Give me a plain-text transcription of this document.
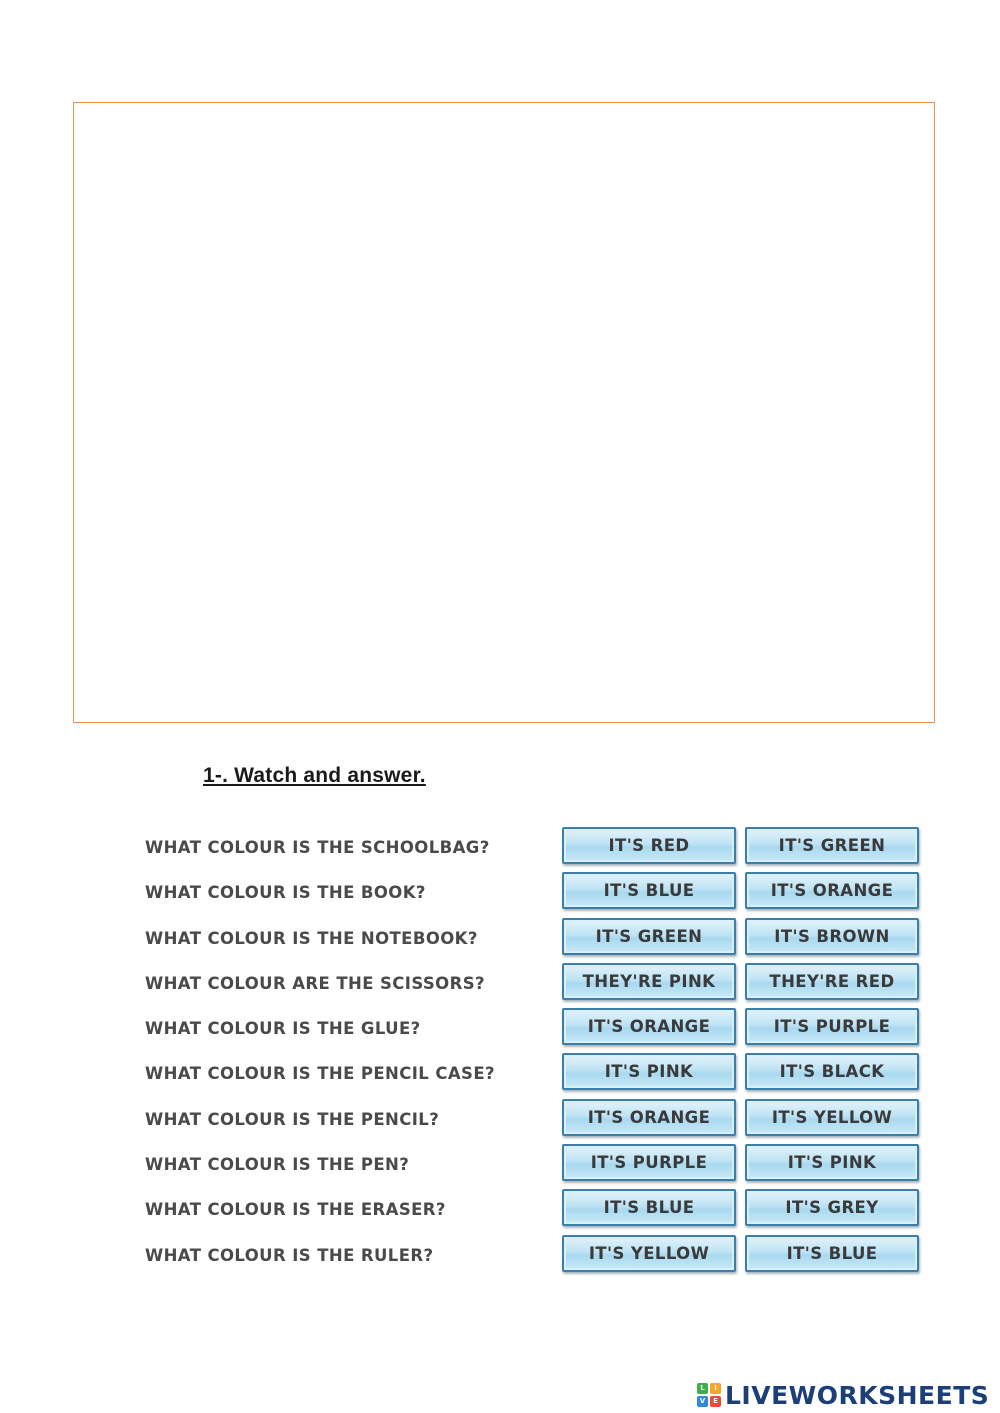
1-. Watch and answer.
WHAT COLOUR IS THE SCHOOLBAG?	IT'S RED	IT'S GREEN
WHAT COLOUR IS THE BOOK?	IT'S BLUE	IT'S ORANGE
WHAT COLOUR IS THE NOTEBOOK?	IT'S GREEN	IT'S BROWN
WHAT COLOUR ARE THE SCISSORS?	THEY'RE PINK	THEY'RE RED
WHAT COLOUR IS THE GLUE?	IT'S ORANGE	IT'S PURPLE
WHAT COLOUR IS THE PENCIL CASE?	IT'S PINK	IT'S BLACK
WHAT COLOUR IS THE PENCIL?	IT'S ORANGE	IT'S YELLOW
WHAT COLOUR IS THE PEN?	IT'S PURPLE	IT'S PINK
WHAT COLOUR IS THE ERASER?	IT'S BLUE	IT'S GREY
WHAT COLOUR IS THE RULER?	IT'S YELLOW	IT'S BLUE
L	I
V	E LIVEWORKSHEETS
